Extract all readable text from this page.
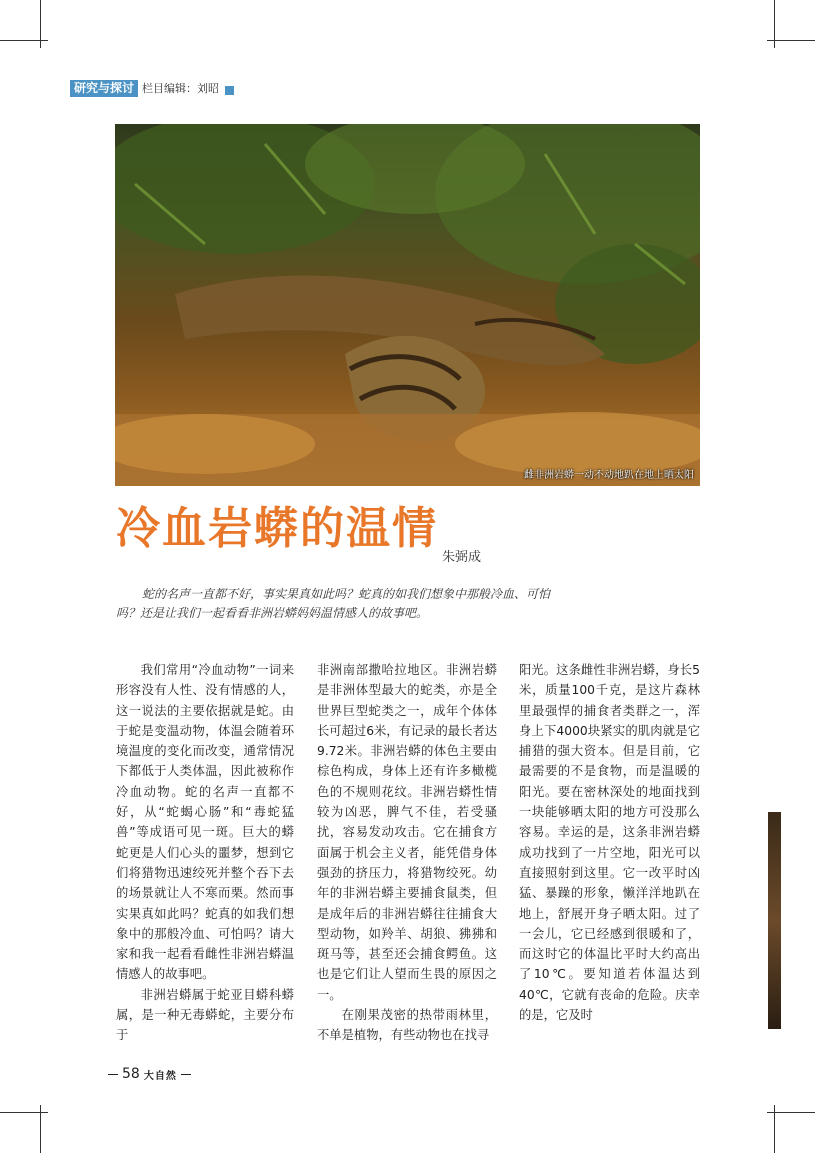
研究与探讨 栏目编辑：刘昭
雌非洲岩蟒一动不动地趴在地上晒太阳
冷血岩蟒的温情
朱弼成
蛇的名声一直都不好，事实果真如此吗？蛇真的如我们想象中那般冷血、可怕吗？还是让我们一起看看非洲岩蟒妈妈温情感人的故事吧。

我们常用“冷血动物”一词来形容没有人性、没有情感的人，这一说法的主要依据就是蛇。由于蛇是变温动物，体温会随着环境温度的变化而改变，通常情况下都低于人类体温，因此被称作冷血动物。蛇的名声一直都不好，从“蛇蝎心肠”和“毒蛇猛兽”等成语可见一斑。巨大的蟒蛇更是人们心头的噩梦，想到它们将猎物迅速绞死并整个吞下去的场景就让人不寒而栗。然而事实果真如此吗？蛇真的如我们想象中的那般冷血、可怕吗？请大家和我一起看看雌性非洲岩蟒温情感人的故事吧。

非洲岩蟒属于蛇亚目蟒科蟒属，是一种无毒蟒蛇，主要分布于

非洲南部撒哈拉地区。非洲岩蟒是非洲体型最大的蛇类，亦是全世界巨型蛇类之一，成年个体体长可超过6米，有记录的最长者达9.72米。非洲岩蟒的体色主要由棕色构成，身体上还有许多橄榄色的不规则花纹。非洲岩蟒性情较为凶恶，脾气不佳，若受骚扰，容易发动攻击。它在捕食方面属于机会主义者，能凭借身体强劲的挤压力，将猎物绞死。幼年的非洲岩蟒主要捕食鼠类，但是成年后的非洲岩蟒往往捕食大型动物，如羚羊、胡狼、狒狒和斑马等，甚至还会捕食鳄鱼。这也是它们让人望而生畏的原因之一。

在刚果茂密的热带雨林里，不单是植物，有些动物也在找寻

阳光。这条雌性非洲岩蟒，身长5米，质量100千克，是这片森林里最强悍的捕食者类群之一，浑身上下4000块紧实的肌肉就是它捕猎的强大资本。但是目前，它最需要的不是食物，而是温暖的阳光。要在密林深处的地面找到一块能够晒太阳的地方可没那么容易。幸运的是，这条非洲岩蟒成功找到了一片空地，阳光可以直接照射到这里。它一改平时凶猛、暴躁的形象，懒洋洋地趴在地上，舒展开身子晒太阳。过了一会儿，它已经感到很暖和了，而这时它的体温比平时大约高出了10℃。要知道若体温达到40℃，它就有丧命的危险。庆幸的是，它及时

58 大自然
